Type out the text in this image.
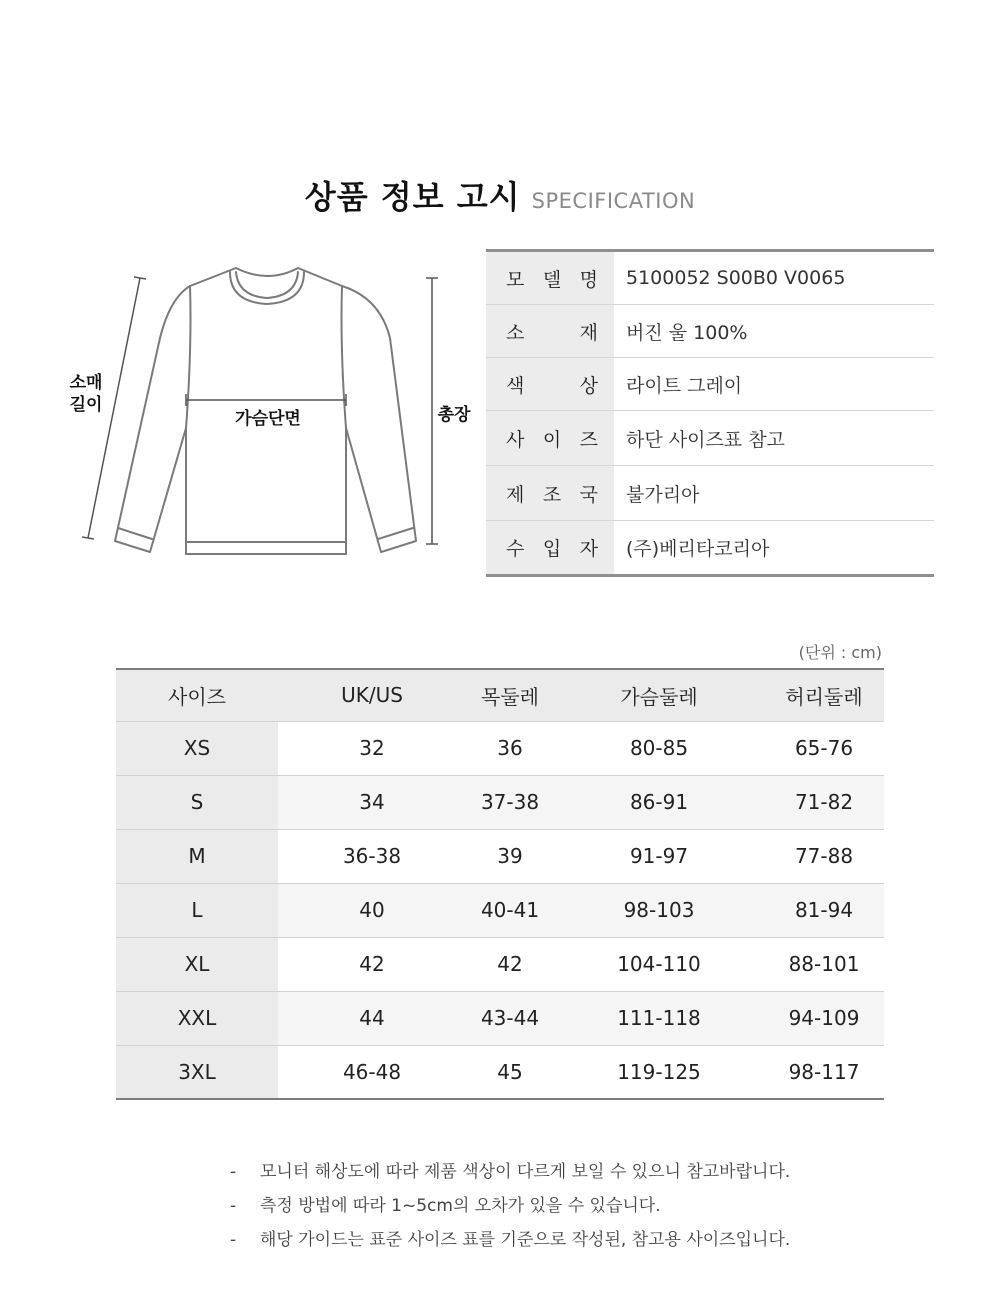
상품 정보 고시 SPECIFICATION
소매
길이
가슴단면	총장
모 델 명	5100052 S00B0 V0065
소	재	버진 울 100%
색	상	라이트 그레이
사 이 즈	하단 사이즈표 참고
제 조 국	불가리아
수 입 자	(주)베리타코리아
(단위 : cm)
사이즈	UK/US	목둘레	가슴둘레	허리둘레
XS	32	36	80-85	65-76
S	34	37-38	86-91	71-82
M	36-38	39	91-97	77-88
L	40	40-41	98-103	81-94
XL	42	42	104-110	88-101
XXL	44	43-44	111-118	94-109
3XL	46-48	45	119-125	98-117
-	모니터 해상도에 따라 제품 색상이 다르게 보일 수 있으니 참고바랍니다.
-	측정 방법에 따라 1~5cm의 오차가 있을 수 있습니다.
-	해당 가이드는 표준 사이즈 표를 기준으로 작성된, 참고용 사이즈입니다.
